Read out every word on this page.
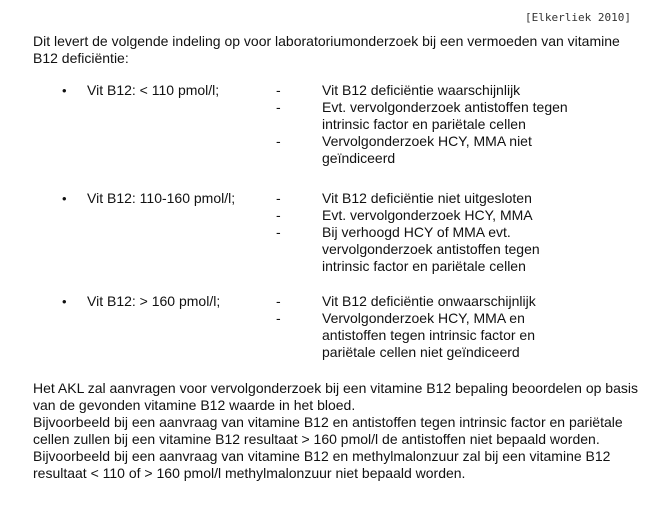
[Elkerliek 2010]
Dit levert de volgende indeling op voor laboratoriumonderzoek bij een vermoeden van vitamine B12 deficiëntie:
• Vit B12: < 110 pmol/l;	-	Vit B12 deficiëntie waarschijnlijk
-	Evt. vervolgonderzoek antistoffen tegen intrinsic factor en pariëtale cellen
-	Vervolgonderzoek HCY, MMA niet geïndiceerd
• Vit B12: 110-160 pmol/l;	-	Vit B12 deficiëntie niet uitgesloten
-	Evt. vervolgonderzoek HCY, MMA
-	Bij verhoogd HCY of MMA evt. vervolgonderzoek antistoffen tegen intrinsic factor en pariëtale cellen
• Vit B12: > 160 pmol/l;	-	Vit B12 deficiëntie onwaarschijnlijk
-	Vervolgonderzoek HCY, MMA en antistoffen tegen intrinsic factor en pariëtale cellen niet geïndiceerd

Het AKL zal aanvragen voor vervolgonderzoek bij een vitamine B12 bepaling beoordelen op basis van de gevonden vitamine B12 waarde in het bloed.

Bijvoorbeeld bij een aanvraag van vitamine B12 en antistoffen tegen intrinsic factor en pariëtale cellen zullen bij een vitamine B12 resultaat > 160 pmol/l de antistoffen niet bepaald worden.

Bijvoorbeeld bij een aanvraag van vitamine B12 en methylmalonzuur zal bij een vitamine B12 resultaat < 110 of > 160 pmol/l methylmalonzuur niet bepaald worden.
